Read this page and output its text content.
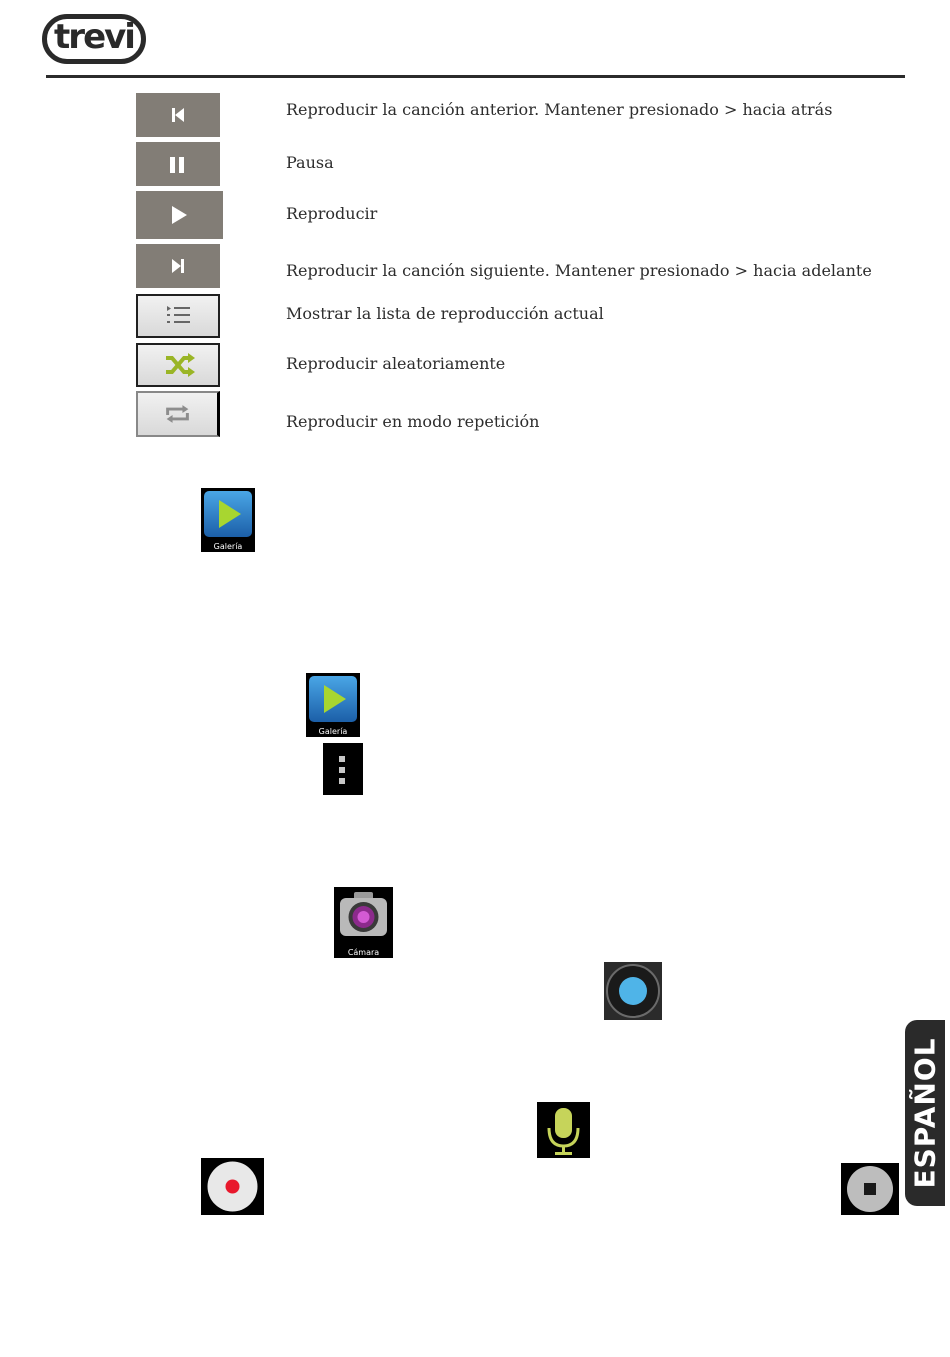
trevi
Reproducir la canción anterior. Mantener presionado > hacia atrás
Pausa
Reproducir
Reproducir la canción siguiente. Mantener presionado > hacia adelante
Mostrar la lista de reproducción actual
Reproducir aleatoriamente
Reproducir en modo repetición
Galería
Galería
Cámara
ESPAÑOL
